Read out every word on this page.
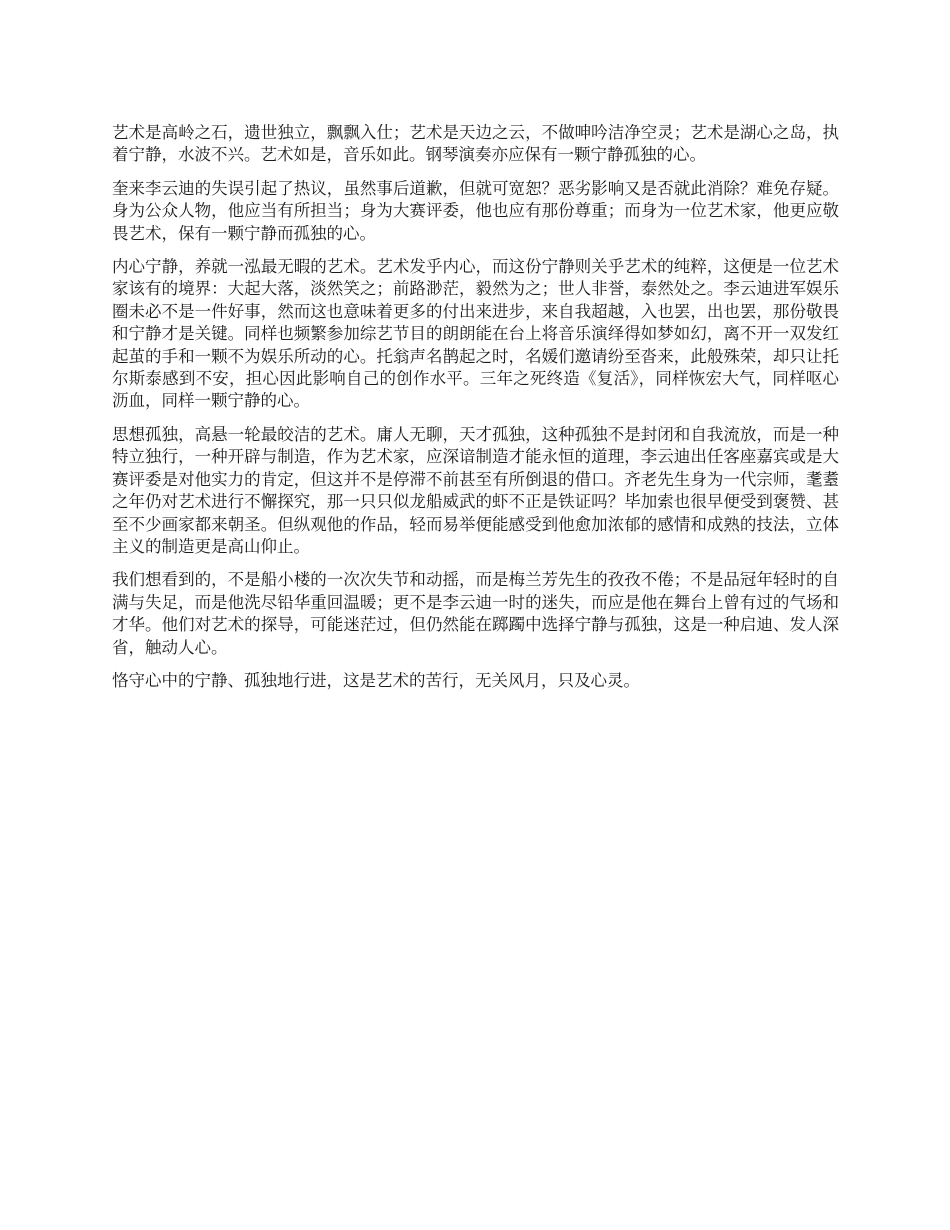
艺术是高岭之石，遗世独立，飘飘入仕；艺术是天边之云，不做呻吟洁净空灵；艺术是湖心之岛，执着宁静，水波不兴。艺术如是，音乐如此。钢琴演奏亦应保有一颗宁静孤独的心。

奎来李云迪的失误引起了热议，虽然事后道歉，但就可宽恕？恶劣影响又是否就此消除？难免存疑。身为公众人物，他应当有所担当；身为大赛评委，他也应有那份尊重；而身为一位艺术家，他更应敬畏艺术，保有一颗宁静而孤独的心。

内心宁静，养就一泓最无暇的艺术。艺术发乎内心，而这份宁静则关乎艺术的纯粹，这便是一位艺术家该有的境界：大起大落，淡然笑之；前路渺茫，毅然为之；世人非誉，泰然处之。李云迪进军娱乐圈未必不是一件好事，然而这也意味着更多的付出来进步，来自我超越，入也罢，出也罢，那份敬畏和宁静才是关键。同样也频繁参加综艺节目的朗朗能在台上将音乐演绎得如梦如幻，离不开一双发红起茧的手和一颗不为娱乐所动的心。托翁声名鹊起之时，名媛们邀请纷至沓来，此般殊荣，却只让托尔斯泰感到不安，担心因此影响自己的创作水平。三年之死终造《复活》，同样恢宏大气，同样呕心沥血，同样一颗宁静的心。

思想孤独，高悬一轮最皎洁的艺术。庸人无聊，天才孤独，这种孤独不是封闭和自我流放，而是一种特立独行，一种开辟与制造，作为艺术家，应深谙制造才能永恒的道理，李云迪出任客座嘉宾或是大赛评委是对他实力的肯定，但这并不是停滞不前甚至有所倒退的借口。齐老先生身为一代宗师，耄耋之年仍对艺术进行不懈探究，那一只只似龙船威武的虾不正是铁证吗？毕加索也很早便受到褒赞、甚至不少画家都来朝圣。但纵观他的作品，轻而易举便能感受到他愈加浓郁的感情和成熟的技法，立体主义的制造更是高山仰止。

我们想看到的，不是船小楼的一次次失节和动摇，而是梅兰芳先生的孜孜不倦；不是品冠年轻时的自满与失足，而是他洗尽铅华重回温暖；更不是李云迪一时的迷失，而应是他在舞台上曾有过的气场和才华。他们对艺术的探导，可能迷茫过，但仍然能在踯躅中选择宁静与孤独，这是一种启迪、发人深省，触动人心。

恪守心中的宁静、孤独地行进，这是艺术的苦行，无关风月，只及心灵。
